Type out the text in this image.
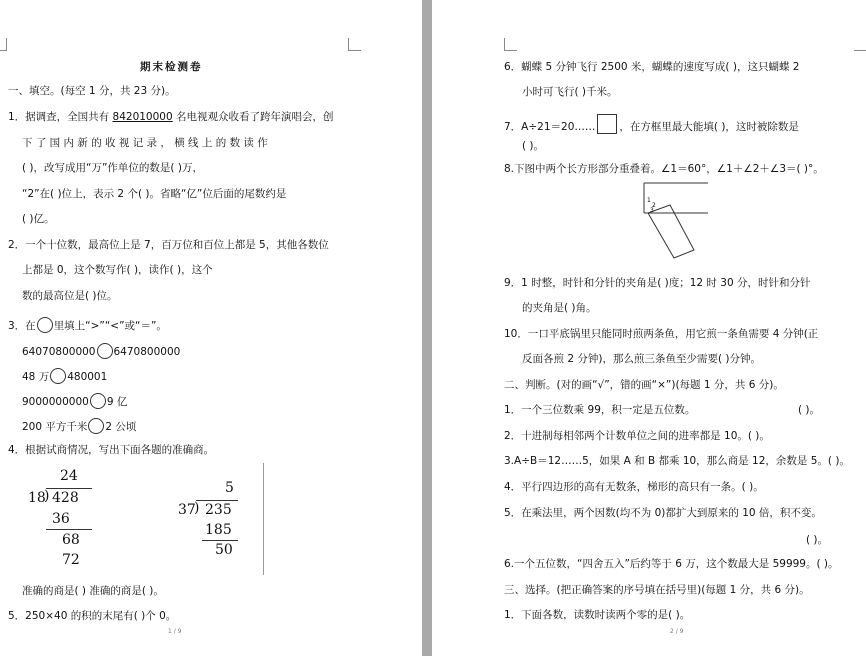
期末检测卷
一、填空。(每空 1 分，共 23 分)。
1．据调查，全国共有 842010000 名电视观众收看了跨年演唱会，创
下 了 国 内 新 的 收 视 记 录 ， 横 线 上 的 数 读 作
( )，改写成用“万”作单位的数是( )万，
“2”在( )位上，表示 2 个( )。省略“亿”位后面的尾数约是
( )亿。
2．一个十位数，最高位上是 7，百万位和百位上都是 5，其他各数位
上都是 0，这个数写作( )，读作( )，这个
数的最高位是( )位。
3．在 里填上“>”“<”或“＝”。
64070800000 6470800000
48 万 480001
9000000000 9 亿
200 平方千米 2 公顷
4．根据试商情况，写出下面各题的准确商。
24
18
) 428
36
68
72
5
37
) 235
185
50
准确的商是( ) 准确的商是( )。
5．250×40 的积的末尾有( )个 0。
1 / 9
6．蝴蝶 5 分钟飞行 2500 米，蝴蝶的速度写成( )，这只蝴蝶 2
小时可飞行( )千米。
7．A÷21＝20…… ，在方框里最大能填( )，这时被除数是
( )。
8.下图中两个长方形部分重叠着。∠1＝60°，∠1＋∠2＋∠3＝( )°。
1
2
3
9．1 时整，时针和分针的夹角是( )度；12 时 30 分，时针和分针
的夹角是( )角。
10．一口平底锅里只能同时煎两条鱼，用它煎一条鱼需要 4 分钟(正
反面各煎 2 分钟)，那么煎三条鱼至少需要( )分钟。
二、判断。(对的画“√”，错的画“×”)(每题 1 分，共 6 分)。
1．一个三位数乘 99，积一定是五位数。	( )。
2．十进制每相邻两个计数单位之间的进率都是 10。( )。
3.A÷B＝12……5，如果 A 和 B 都乘 10，那么商是 12，余数是 5。( )。
4．平行四边形的高有无数条，梯形的高只有一条。( )。
5．在乘法里，两个因数(均不为 0)都扩大到原来的 10 倍，积不变。
( )。
6.一个五位数，“四舍五入”后约等于 6 万，这个数最大是 59999。( )。
三、选择。(把正确答案的序号填在括号里)(每题 1 分，共 6 分)。
1．下面各数，读数时读两个零的是( )。
2 / 9
